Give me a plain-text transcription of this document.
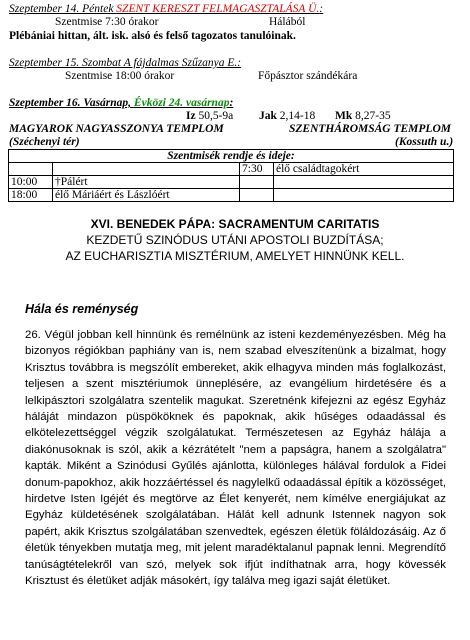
Szeptember 14. Péntek SZENT KERESZT FELMAGASZTALÁSA Ü.:
Szentmise 7:30 órakor	Hálából
Plébániai hittan, ált. isk. alsó és felső tagozatos tanulóinak.
Szeptember 15. Szombat A fájdalmas Szűzanya E.:
Szentmise 18:00 órakor	Főpásztor szándékára
Szeptember 16. Vasárnap, Évközi 24. vasárnap:
Iz 50,5-9a Jak 2,14-18 Mk 8,27-35
MAGYAROK NAGYASSZONYA TEMPLOM	SZENTHÁROMSÁG TEMPLOM
(Széchenyi tér)	(Kossuth u.)
Szentmisék rendje és ideje:			
		7:30	élő családtagokért
10:00	†Pálért		
18:00	élő Máriáért és Lászlóért		
XVI. BENEDEK PÁPA: SACRAMENTUM CARITATIS
KEZDETŰ SZINÓDUS UTÁNI APOSTOLI BUZDÍTÁSA;
AZ EUCHARISZTIA MISZTÉRIUM, AMELYET HINNÜNK KELL.
Hála és reménység
26. Végül jobban kell hinnünk és remélnünk az isteni kezdeményezésben. Még ha bizonyos régiókban paphiány van is, nem szabad elveszítenünk a bizalmat, hogy Krisztus továbbra is megszólít embereket, akik elhagyva minden más foglalkozást, teljesen a szent misztériumok ünneplésére, az evangélium hirdetésére és a lelkipásztori szolgálatra szentelik magukat. Szeretnénk kifejezni az egész Egyház háláját mindazon püspököknek és papoknak, akik hűséges odaadással és elkötelezettséggel végzik szolgálatukat. Természetesen az Egyház hálája a diakónusoknak is szól, akik a kézrátételt "nem a papságra, hanem a szolgálatra" kapták. Miként a Szinódusi Gyűlés ajánlotta, különleges hálával fordulok a Fidei donum-papokhoz, akik hozzáértéssel és nagylelkű odaadással építik a közösséget, hirdetve Isten Igéjét és megtörve az Élet kenyerét, nem kímélve energiájukat az Egyház küldetésének szolgálatában. Hálát kell adnunk Istennek nagyon sok papért, akik Krisztus szolgálatában szenvedtek, egészen életük föláldozásáig. Az ő életük tényekben mutatja meg, mit jelent maradéktalanul papnak lenni. Megrendítő tanúságtételekről van szó, melyek sok ifjút indíthatnak arra, hogy kövessék Krisztust és életüket adják másokért, így találva meg igazi saját életüket.
